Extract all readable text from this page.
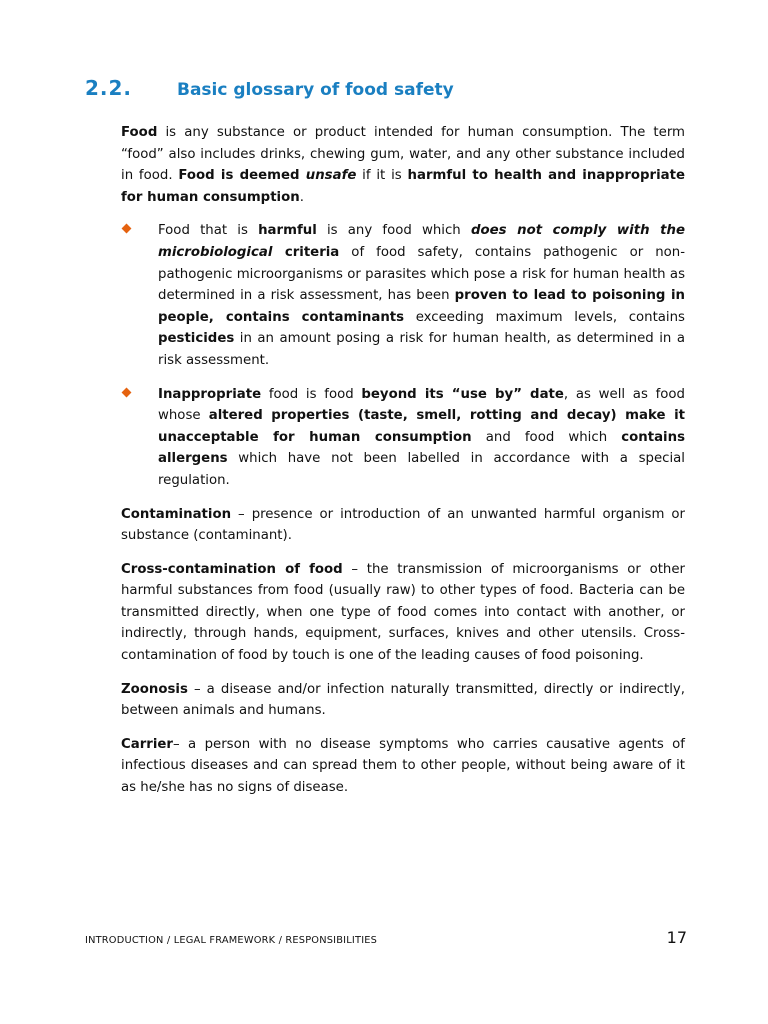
2.2.	Basic glossary of food safety

Food is any substance or product intended for human consumption. The term “food” also includes drinks, chewing gum, water, and any other substance included in food. Food is deemed unsafe if it is harmful to health and inappropriate for human consumption.

Food that is harmful is any food which does not comply with the microbiological criteria of food safety, contains pathogenic or non-pathogenic microorganisms or parasites which pose a risk for human health as determined in a risk assessment, has been proven to lead to poisoning in people, contains contaminants exceeding maximum levels, contains pesticides in an amount posing a risk for human health, as determined in a risk assessment.
Inappropriate food is food beyond its “use by” date, as well as food whose altered properties (taste, smell, rotting and decay) make it unacceptable for human consumption and food which contains allergens which have not been labelled in accordance with a special regulation.

Contamination – presence or introduction of an unwanted harmful organism or substance (contaminant).

Cross-contamination of food – the transmission of microorganisms or other harmful substances from food (usually raw) to other types of food. Bacteria can be transmitted directly, when one type of food comes into contact with another, or indirectly, through hands, equipment, surfaces, knives and other utensils. Cross-contamination of food by touch is one of the leading causes of food poisoning.

Zoonosis – a disease and/or infection naturally transmitted, directly or indirectly, between animals and humans.

Carrier– a person with no disease symptoms who carries causative agents of infectious diseases and can spread them to other people, without being aware of it as he/she has no signs of disease.

INTRODUCTION / LEGAL FRAMEWORK / RESPONSIBILITIES	17
